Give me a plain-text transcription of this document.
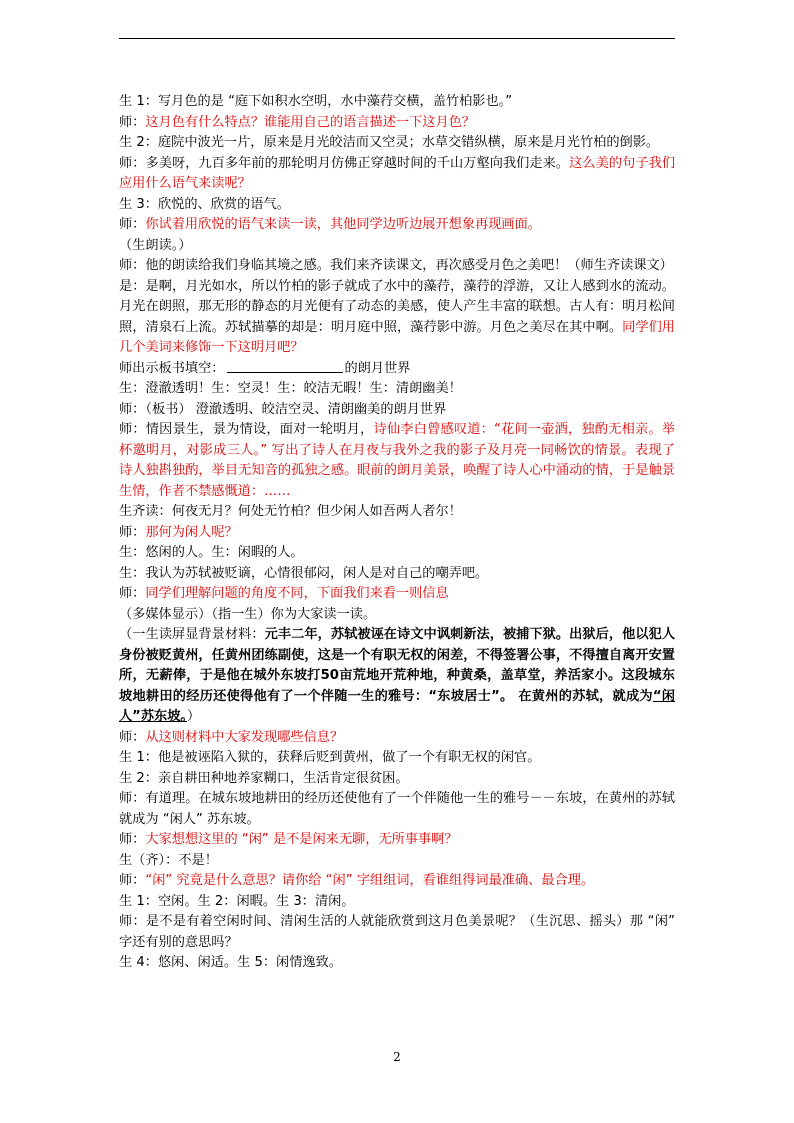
生 1：写月色的是 “庭下如积水空明，水中藻荇交横，盖竹柏影也。”

师：这月色有什么特点？谁能用自己的语言描述一下这月色？

生 2：庭院中波光一片，原来是月光皎洁而又空灵；水草交错纵横，原来是月光竹柏的倒影。

师：多美呀，九百多年前的那轮明月仿佛正穿越时间的千山万壑向我们走来。这么美的句子我们应用什么语气来读呢？

生 3：欣悦的、欣赏的语气。

师：你试着用欣悦的语气来读一读，其他同学边听边展开想象再现画面。

（生朗读。）

师：他的朗读给我们身临其境之感。我们来齐读课文，再次感受月色之美吧！（师生齐读课文）

是：是啊，月光如水，所以竹柏的影子就成了水中的藻荇，藻荇的浮游，又让人感到水的流动。月光在朗照，那无形的静态的月光便有了动态的美感，使人产生丰富的联想。古人有：明月松间照，清泉石上流。苏轼描摹的却是：明月庭中照，藻荇影中游。月色之美尽在其中啊。同学们用几个美词来修饰一下这明月吧？

师出示板书填空：	的朗月世界

生：澄澈透明！生：空灵！生：皎洁无暇！生：清朗幽美！

师：（板书） 澄澈透明、皎洁空灵、清朗幽美的朗月世界

师：情因景生，景为情设，面对一轮明月，诗仙李白曾感叹道：“花间一壶酒，独酌无相亲。举杯邀明月，对影成三人。” 写出了诗人在月夜与我外之我的影子及月亮一同畅饮的情景。表现了诗人独斟独酌，举目无知音的孤独之感。眼前的朗月美景，唤醒了诗人心中涌动的情，于是触景生情，作者不禁感慨道：……

生齐读：何夜无月？何处无竹柏？但少闲人如吾两人者尔！

师：那何为闲人呢？

生：悠闲的人。生：闲暇的人。

生：我认为苏轼被贬谪，心情很郁闷，闲人是对自己的嘲弄吧。

师：同学们理解问题的角度不同，下面我们来看一则信息

（多媒体显示）（指一生）你为大家读一读。

（一生读屏显背景材料：元丰二年，苏轼被诬在诗文中讽刺新法，被捕下狱。出狱后，他以犯人身份被贬黄州，任黄州团练副使，这是一个有职无权的闲差，不得签署公事，不得擅自离开安置所，无薪俸，于是他在城外东坡打50亩荒地开荒种地，种黄桑，盖草堂，养活家小。这段城东坡地耕田的经历还使得他有了一个伴随一生的雅号：“东坡居士”。 在黄州的苏轼，就成为“闲人”苏东坡。）

师：从这则材料中大家发现哪些信息？

生 1：他是被诬陷入狱的，获释后贬到黄州，做了一个有职无权的闲官。

生 2：亲自耕田种地养家糊口，生活肯定很贫困。

师：有道理。在城东坡地耕田的经历还使他有了一个伴随他一生的雅号－－东坡，在黄州的苏轼就成为 “闲人” 苏东坡。

师：大家想想这里的 “闲” 是不是闲来无聊，无所事事啊？

生（齐）：不是！

师：“闲” 究竟是什么意思？请你给 “闲” 字组组词，看谁组得词最准确、最合理。

生 1：空闲。生 2：闲暇。生 3：清闲。

师：是不是有着空闲时间、清闲生活的人就能欣赏到这月色美景呢？（生沉思、摇头）那 “闲” 字还有别的意思吗？

生 4：悠闲、闲适。生 5：闲情逸致。

2
